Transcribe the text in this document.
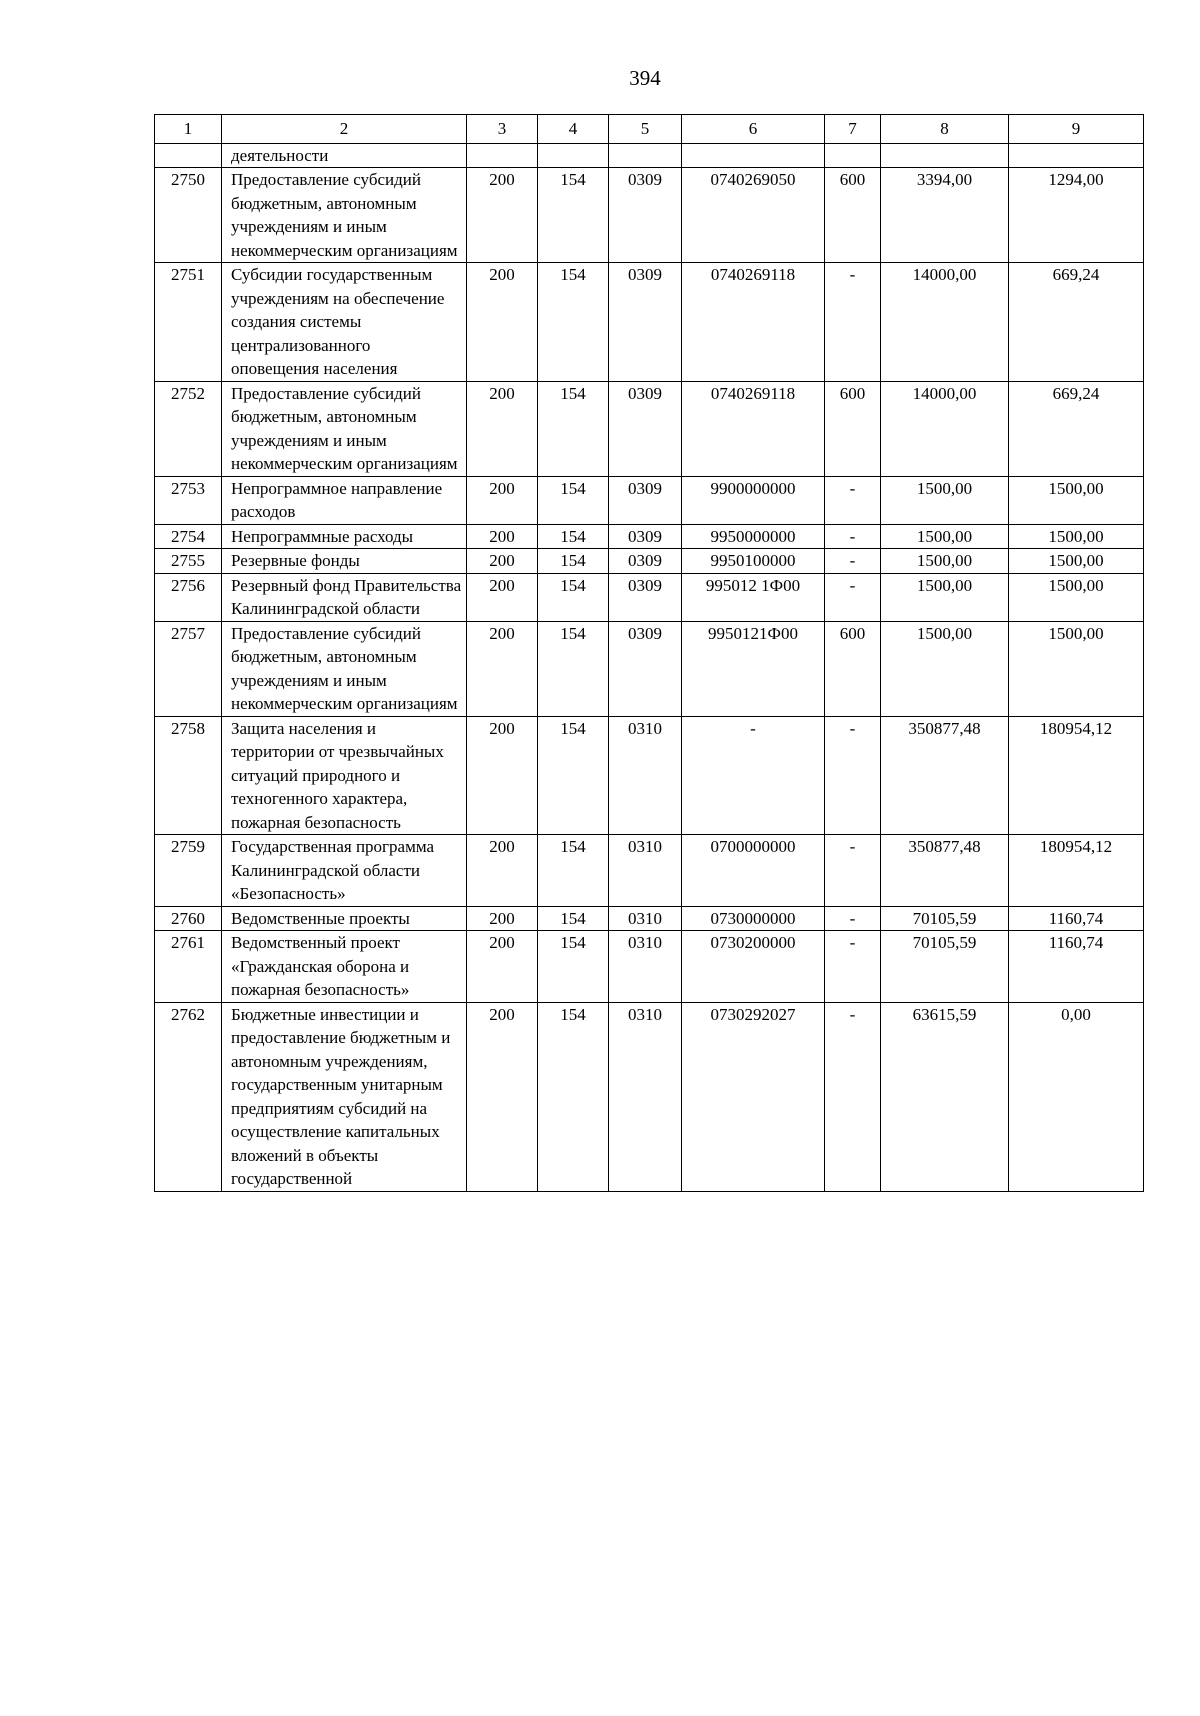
394
1	2	3	4	5	6	7	8	9
	деятельности							
2750	Предоставление субсидий бюджетным, автономным учреждениям и иным некоммерческим организациям	200	154	0309	0740269050	600	3394,00	1294,00
2751	Субсидии государственным учреждениям на обеспечение создания системы централизованного оповещения населения	200	154	0309	0740269118	-	14000,00	669,24
2752	Предоставление субсидий бюджетным, автономным учреждениям и иным некоммерческим организациям	200	154	0309	0740269118	600	14000,00	669,24
2753	Непрограммное направление расходов	200	154	0309	9900000000	-	1500,00	1500,00
2754	Непрограммные расходы	200	154	0309	9950000000	-	1500,00	1500,00
2755	Резервные фонды	200	154	0309	9950100000	-	1500,00	1500,00
2756	Резервный фонд Правительства Калининградской области	200	154	0309	995012 1Ф00	-	1500,00	1500,00
2757	Предоставление субсидий бюджетным, автономным учреждениям и иным некоммерческим организациям	200	154	0309	9950121Ф00	600	1500,00	1500,00
2758	Защита населения и территории от чрезвычайных ситуаций природного и техногенного характера, пожарная безопасность	200	154	0310	-	-	350877,48	180954,12
2759	Государственная программа Калининградской области «Безопасность»	200	154	0310	0700000000	-	350877,48	180954,12
2760	Ведомственные проекты	200	154	0310	0730000000	-	70105,59	1160,74
2761	Ведомственный проект «Гражданская оборона и пожарная безопасность»	200	154	0310	0730200000	-	70105,59	1160,74
2762	Бюджетные инвестиции и предоставление бюджетным и автономным учреждениям, государственным унитарным предприятиям субсидий на осуществление капитальных вложений в объекты государственной	200	154	0310	0730292027	-	63615,59	0,00
